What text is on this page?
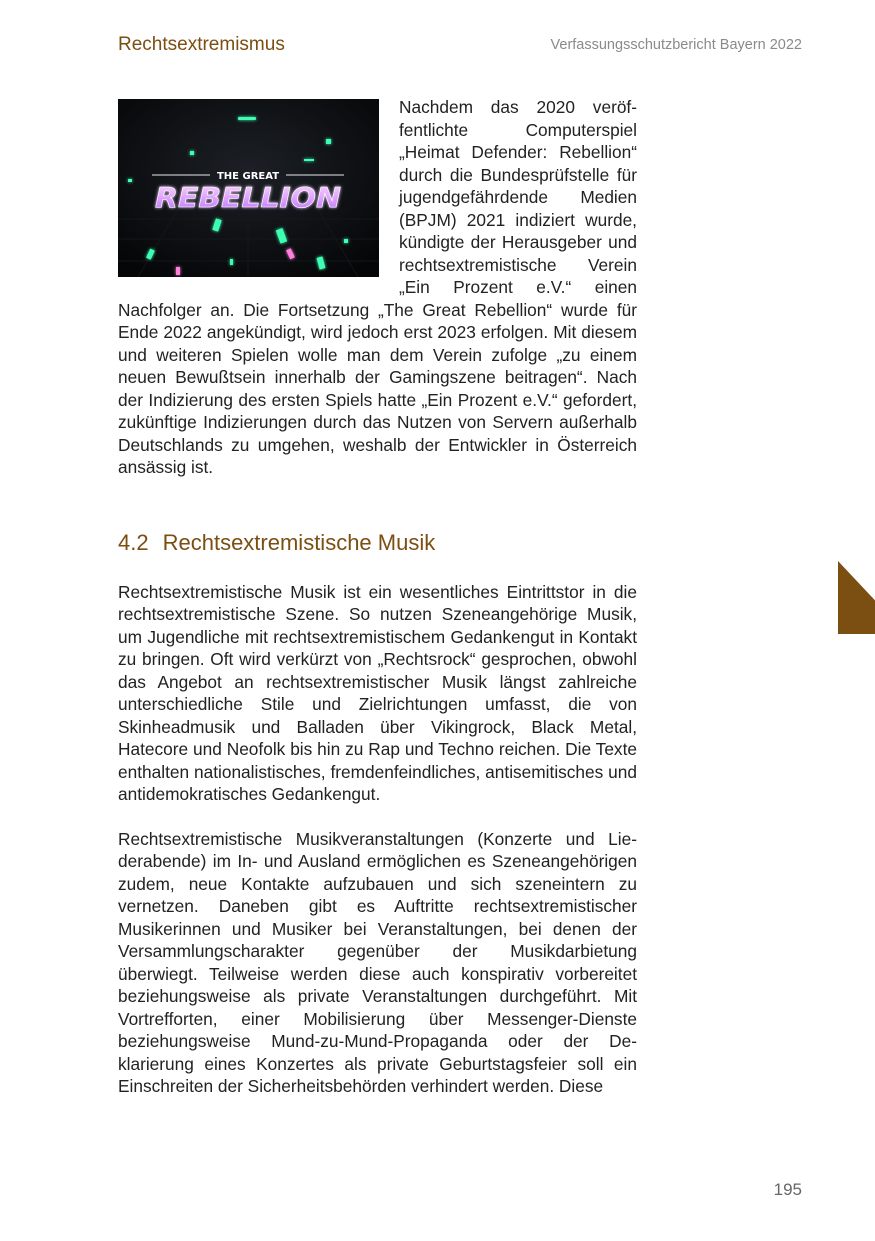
Rechtsextremismus	Verfassungsschutzbericht Bayern 2022
THE GREAT
REBELLION

Nachdem das 2020 veröffentlichte Computerspiel „Heimat Defender: Rebellion“ durch die Bundesprüfstelle für jugendgefährdende Medien (BPJM) 2021 indiziert wurde, kündigte der Herausgeber und rechtsextremistische Verein „Ein Prozent e.V.“ einen Nachfolger an. Die Fortsetzung „The Great Rebellion“ wurde für Ende 2022 angekündigt, wird jedoch erst 2023 erfolgen. Mit diesem und weiteren Spielen wolle man dem Verein zufolge „zu einem neuen Bewußtsein innerhalb der Gamingszene beitragen“. Nach der Indizierung des ersten Spiels hatte „Ein Prozent e.V.“ gefordert, zukünftige Indizierungen durch das Nutzen von Servern außerhalb Deutschlands zu umgehen, weshalb der Entwickler in Österreich ansässig ist.

4.2 Rechtsextremistische Musik

Rechtsextremistische Musik ist ein wesentliches Eintrittstor in die rechtsextremistische Szene. So nutzen Szeneangehörige Musik, um Jugendliche mit rechtsextremistischem Gedankengut in Kontakt zu bringen. Oft wird verkürzt von „Rechtsrock“ gesprochen, obwohl das Angebot an rechtsextremistischer Musik längst zahlreiche unterschiedliche Stile und Zielrichtungen umfasst, die von Skinheadmusik und Balladen über Vikingrock, Black Metal, Hatecore und Neofolk bis hin zu Rap und Techno reichen. Die Texte enthalten nationalistisches, fremdenfeindliches, antisemitisches und antidemokratisches Gedankengut.

Rechtsextremistische Musikveranstaltungen (Konzerte und Liederabende) im In- und Ausland ermöglichen es Szeneangehörigen zudem, neue Kontakte aufzubauen und sich szeneintern zu vernetzen. Daneben gibt es Auftritte rechtsextremistischer Musikerinnen und Musiker bei Veranstaltungen, bei denen der Versammlungscharakter gegenüber der Musikdarbietung überwiegt. Teilweise werden diese auch konspirativ vorbereitet beziehungsweise als private Veranstaltungen durchgeführt. Mit Vortrefforten, einer Mobilisierung über Messenger-Dienste beziehungsweise Mund-zu-Mund-Propaganda oder der Deklarierung eines Konzertes als private Geburtstagsfeier soll ein Einschreiten der Sicherheitsbehörden verhindert werden. Diese

195
